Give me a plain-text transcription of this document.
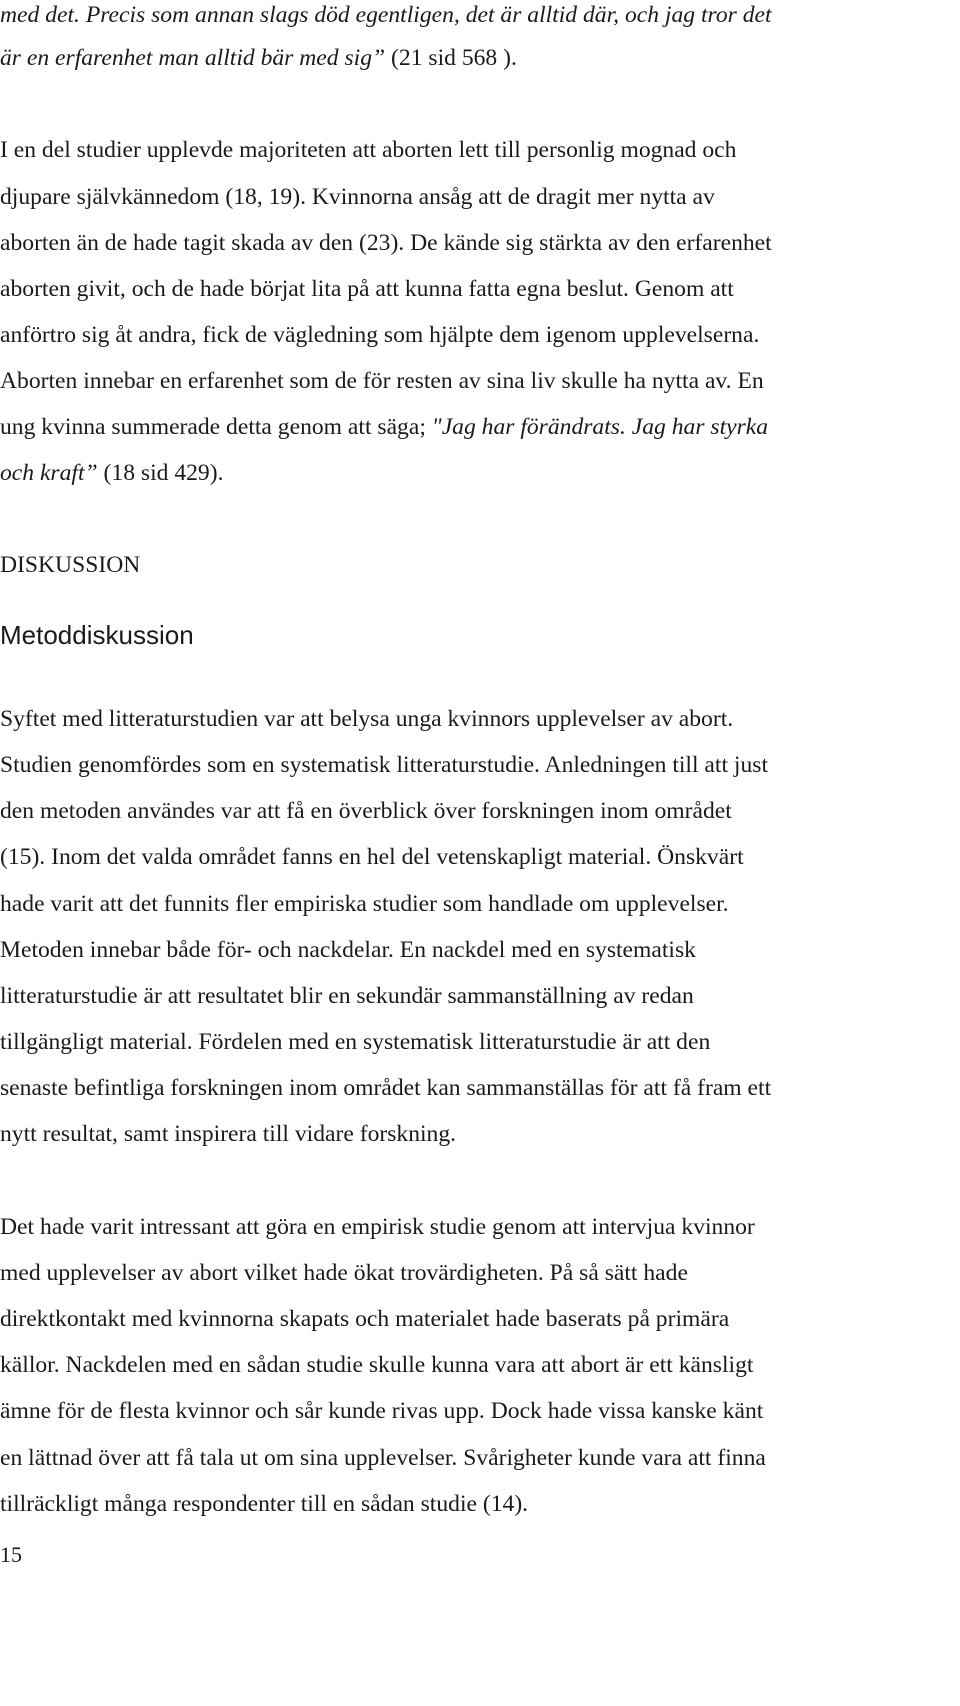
med det. Precis som annan slags död egentligen, det är alltid där, och jag tror det

är en erfarenhet man alltid bär med sig” (21 sid 568 ).

I en del studier upplevde majoriteten att aborten lett till personlig mognad och

djupare självkännedom (18, 19). Kvinnorna ansåg att de dragit mer nytta av

aborten än de hade tagit skada av den (23). De kände sig stärkta av den erfarenhet

aborten givit, och de hade börjat lita på att kunna fatta egna beslut. Genom att

anförtro sig åt andra, fick de vägledning som hjälpte dem igenom upplevelserna.

Aborten innebar en erfarenhet som de för resten av sina liv skulle ha nytta av. En

ung kvinna summerade detta genom att säga; "Jag har förändrats. Jag har styrka

och kraft” (18 sid 429).

DISKUSSION
Metoddiskussion

Syftet med litteraturstudien var att belysa unga kvinnors upplevelser av abort.

Studien genomfördes som en systematisk litteraturstudie. Anledningen till att just

den metoden användes var att få en överblick över forskningen inom området

(15). Inom det valda området fanns en hel del vetenskapligt material. Önskvärt

hade varit att det funnits fler empiriska studier som handlade om upplevelser.

Metoden innebar både för- och nackdelar. En nackdel med en systematisk

litteraturstudie är att resultatet blir en sekundär sammanställning av redan

tillgängligt material. Fördelen med en systematisk litteraturstudie är att den

senaste befintliga forskningen inom området kan sammanställas för att få fram ett

nytt resultat, samt inspirera till vidare forskning.

Det hade varit intressant att göra en empirisk studie genom att intervjua kvinnor

med upplevelser av abort vilket hade ökat trovärdigheten. På så sätt hade

direktkontakt med kvinnorna skapats och materialet hade baserats på primära

källor. Nackdelen med en sådan studie skulle kunna vara att abort är ett känsligt

ämne för de flesta kvinnor och sår kunde rivas upp. Dock hade vissa kanske känt

en lättnad över att få tala ut om sina upplevelser. Svårigheter kunde vara att finna

tillräckligt många respondenter till en sådan studie (14).

15
